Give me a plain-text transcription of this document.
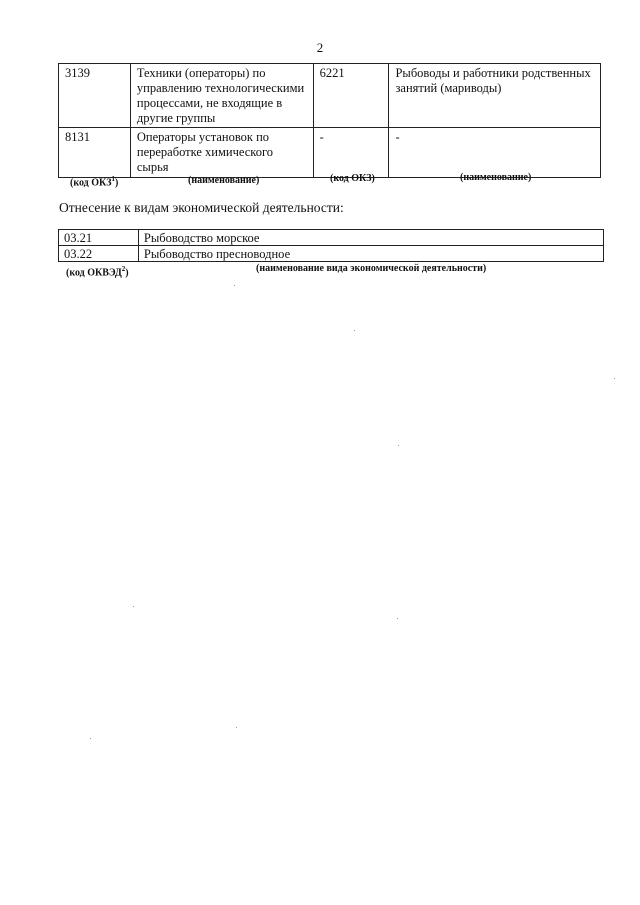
2
3139	Техники (операторы) по управлению технологическими процессами, не входящие в другие группы	6221	Рыбоводы и работники родственных занятий (мариводы)
8131	Операторы установок по переработке химического сырья	-	-
(код ОКЗ$^1$)	(наименование)	(код ОКЗ)	(наименование)
Отнесение к видам экономической деятельности:
03.21	Рыбоводство морское
03.22	Рыбоводство пресноводное
(код ОКВЭД$^2$)	(наименование вида экономической деятельности)
